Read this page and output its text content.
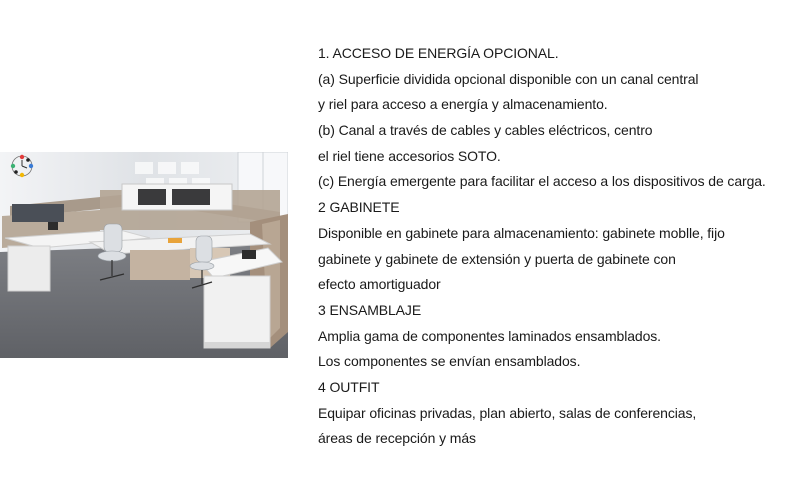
1. ACCESO DE ENERGÍA OPCIONAL.
(a) Superficie dividida opcional disponible con un canal central
y riel para acceso a energía y almacenamiento.
(b) Canal a través de cables y cables eléctricos, centro
el riel tiene accesorios SOTO.
(c) Energía emergente para facilitar el acceso a los dispositivos de carga.
2 GABINETE
Disponible en gabinete para almacenamiento: gabinete moblle, fijo
gabinete y gabinete de extensión y puerta de gabinete con
efecto amortiguador
3 ENSAMBLAJE
Amplia gama de componentes laminados ensamblados.
Los componentes se envían ensamblados.
4 OUTFIT
Equipar oficinas privadas, plan abierto, salas de conferencias,
áreas de recepción y más
